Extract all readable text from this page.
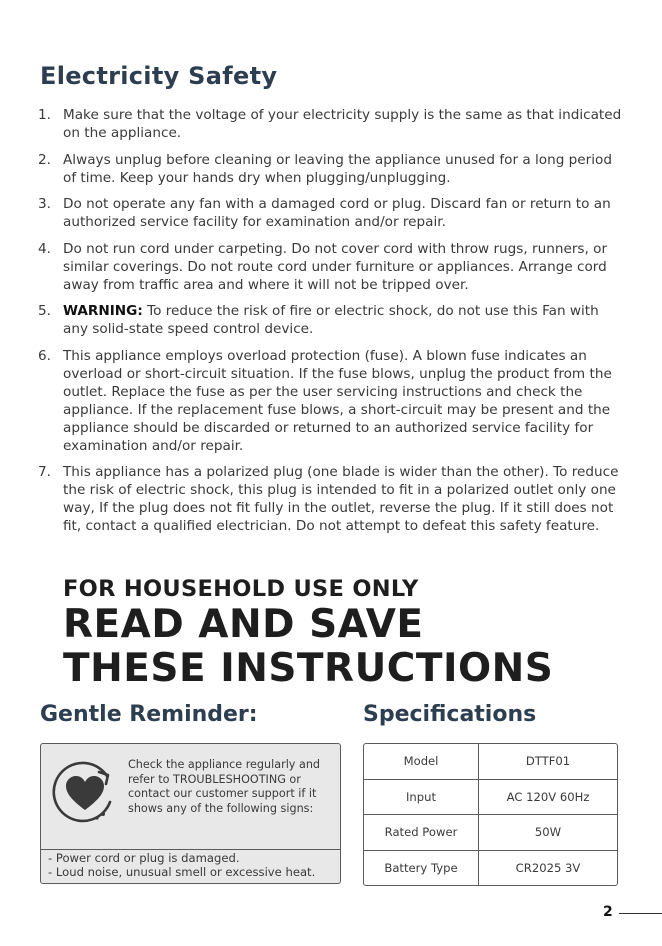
Electricity Safety
1. Make sure that the voltage of your electricity supply is the same as that indicated on the appliance.
2. Always unplug before cleaning or leaving the appliance unused for a long period of time. Keep your hands dry when plugging/unplugging.
3. Do not operate any fan with a damaged cord or plug. Discard fan or return to an authorized service facility for examination and/or repair.
4. Do not run cord under carpeting. Do not cover cord with throw rugs, runners, or similar coverings. Do not route cord under furniture or appliances. Arrange cord away from traffic area and where it will not be tripped over.
5. WARNING: To reduce the risk of fire or electric shock, do not use this Fan with any solid-state speed control device.
6. This appliance employs overload protection (fuse). A blown fuse indicates an overload or short-circuit situation. If the fuse blows, unplug the product from the outlet. Replace the fuse as per the user servicing instructions and check the appliance. If the replacement fuse blows, a short-circuit may be present and the appliance should be discarded or returned to an authorized service facility for examination and/or repair.
7. This appliance has a polarized plug (one blade is wider than the other). To reduce the risk of electric shock, this plug is intended to fit in a polarized outlet only one way, If the plug does not fit fully in the outlet, reverse the plug. If it still does not fit, contact a qualified electrician. Do not attempt to defeat this safety feature.
FOR HOUSEHOLD USE ONLY
READ AND SAVE
THESE INSTRUCTIONS
Gentle Reminder:	Specifications
Check the appliance regularly and refer to TROUBLESHOOTING or contact our customer support if it shows any of the following signs:
- Power cord or plug is damaged.
- Loud noise, unusual smell or excessive heat.
Model	DTTF01
Input	AC 120V 60Hz
Rated Power	50W
Battery Type	CR2025 3V
2
